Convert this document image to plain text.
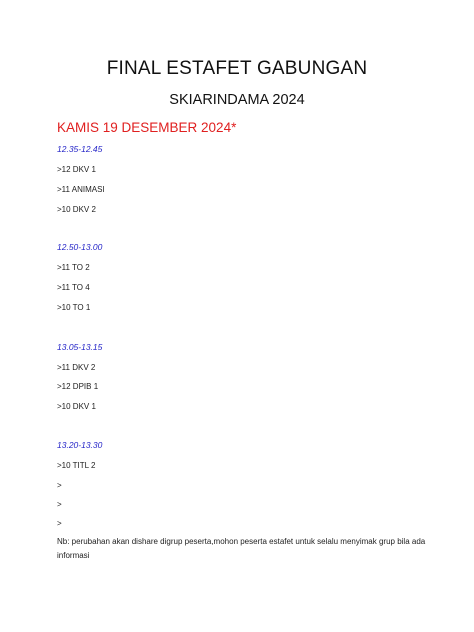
FINAL ESTAFET GABUNGAN
SKIARINDAMA 2024
KAMIS 19 DESEMBER 2024*
12.35-12.45
>12 DKV 1
>11 ANIMASI
>10 DKV 2
12.50-13.00
>11 TO 2
>11 TO 4
>10 TO 1
13.05-13.15
>11 DKV 2
>12 DPIB 1
>10 DKV 1
13.20-13.30
>10 TITL 2
>
>
>
Nb: perubahan akan dishare digrup peserta,mohon peserta estafet untuk selalu menyimak grup bila ada informasi
